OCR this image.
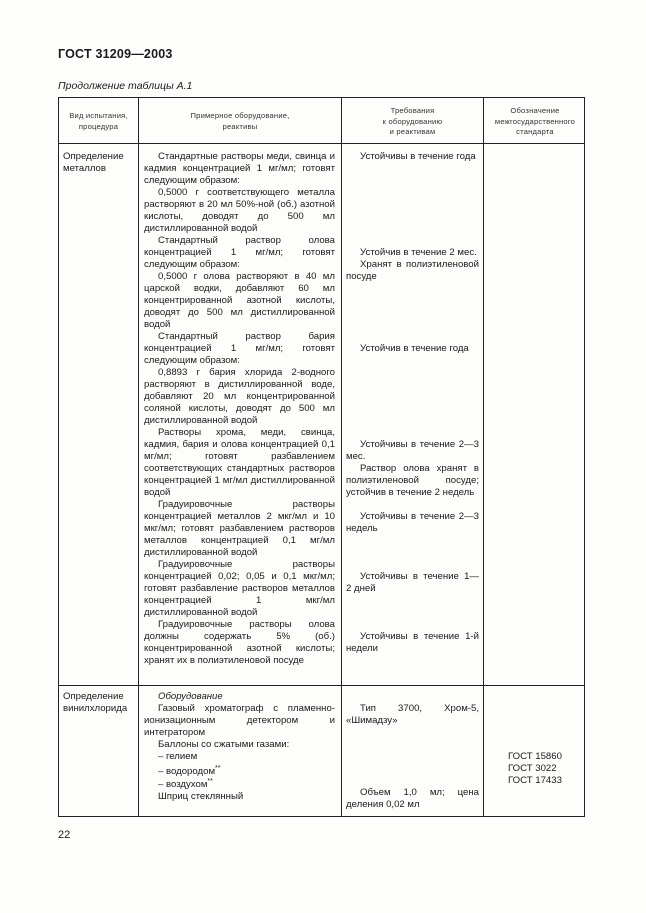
ГОСТ 31209—2003
Продолжение таблицы А.1
Вид испытания,
процедура
Примерное оборудование,
реактивы
Требования
к оборудованию
и реактивам
Обозначение
межгосударственного
стандарта
Определение металлов

Стандартные растворы меди, свинца и кадмия концентрацией 1 мг/мл; готовят следующим образом:

0,5000 г соответствующего металла растворяют в 20 мл 50%-ной (об.) азотной кислоты, доводят до 500 мл дистиллированной водой

Стандартный раствор олова концентрацией 1 мг/мл; готовят следующим образом:

0,5000 г олова растворяют в 40 мл царской водки, добавляют 60 мл концентрированной азотной кислоты, доводят до 500 мл дистиллированной водой

Стандартный раствор бария концентрацией 1 мг/мл; готовят следующим образом:

0,8893 г бария хлорида 2-водного растворяют в дистиллированной воде, добавляют 20 мл концентрированной соляной кислоты, доводят до 500 мл дистиллированной водой

Растворы хрома, меди, свинца, кадмия, бария и олова концентрацией 0,1 мг/мл; готовят разбавлением соответствующих стандартных растворов концентрацией 1 мг/мл дистиллированной водой

Градуировочные растворы концентрацией металлов 2 мкг/мл и 10 мкг/мл; готовят разбавлением растворов металлов концентрацией 0,1 мг/мл дистиллированной водой

Градуировочные растворы концентрацией 0,02; 0,05 и 0,1 мкг/мл; готовят разбавление растворов металлов концентрацией 1 мкг/мл дистиллированной водой

Градуировочные растворы олова должны содержать 5% (об.) концентрированной азотной кислоты; хранят их в полиэтиленовой посуде

Устойчивы в течение года

Устойчив в течение 2 мес.

Хранят в полиэтиленовой посуде

Устойчив в течение года

Устойчивы в течение 2—3 мес.

Раствор олова хранят в полиэтиленовой посуде; устойчив в течение 2 недель

Устойчивы в течение 2—3 недель

Устойчивы в течение 1— 2 дней

Устойчивы в течение 1-й недели

Определение винилхлорида

Оборудование

Газовый хроматограф с пламенно-ионизационным детектором и интегратором

Баллоны со сжатыми газами:

– гелием

– водородом**

– воздухом**

Шприц стеклянный

Тип 3700, Хром-5, «Шимадзу»

Объем 1,0 мл; цена деления 0,02 мл

ГОСТ 15860
ГОСТ 3022
ГОСТ 17433
22
